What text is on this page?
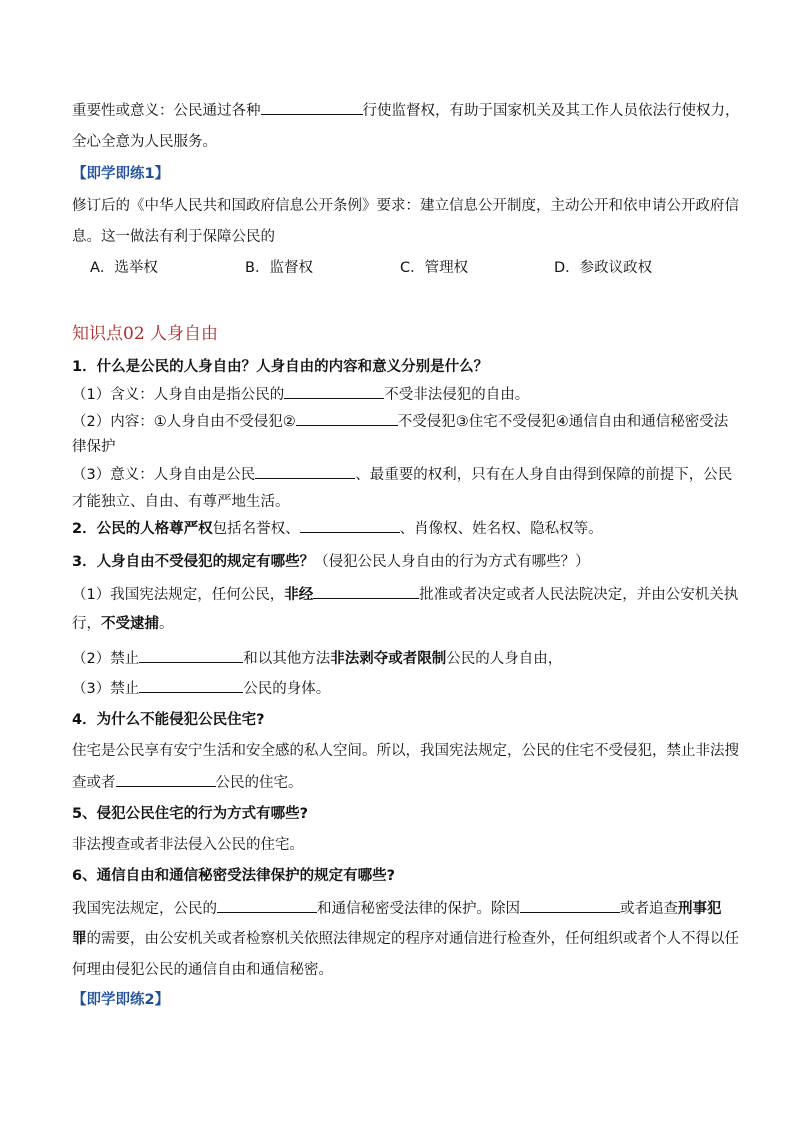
重要性或意义：公民通过各种	行使监督权，有助于国家机关及其工作人员依法行使权力，
全心全意为人民服务。
【即学即练1】
修订后的《中华人民共和国政府信息公开条例》要求：建立信息公开制度，主动公开和依申请公开政府信
息。这一做法有利于保障公民的
A．选举权	B．监督权	C．管理权	D．参政议政权
知识点02 人身自由
1．什么是公民的人身自由？人身自由的内容和意义分别是什么？
（1）含义：人身自由是指公民的	不受非法侵犯的自由。
（2）内容：①人身自由不受侵犯②	不受侵犯③住宅不受侵犯④通信自由和通信秘密受法
律保护
（3）意义：人身自由是公民	、最重要的权利，只有在人身自由得到保障的前提下，公民
才能独立、自由、有尊严地生活。
2．公民的人格尊严权包括名誉权、	、肖像权、姓名权、隐私权等。
3．人身自由不受侵犯的规定有哪些？（侵犯公民人身自由的行为方式有哪些？）
（1）我国宪法规定，任何公民，非经	批准或者决定或者人民法院决定，并由公安机关执
行，不受逮捕。
（2）禁止	和以其他方法非法剥夺或者限制公民的人身自由，
（3）禁止	公民的身体。
4．为什么不能侵犯公民住宅?
住宅是公民享有安宁生活和安全感的私人空间。所以，我国宪法规定，公民的住宅不受侵犯，禁止非法搜
查或者	公民的住宅。
5、侵犯公民住宅的行为方式有哪些?
非法搜查或者非法侵入公民的住宅。
6、通信自由和通信秘密受法律保护的规定有哪些?
我国宪法规定，公民的	和通信秘密受法律的保护。除因	或者追查刑事犯
罪的需要，由公安机关或者检察机关依照法律规定的程序对通信进行检查外，任何组织或者个人不得以任
何理由侵犯公民的通信自由和通信秘密。
【即学即练2】
